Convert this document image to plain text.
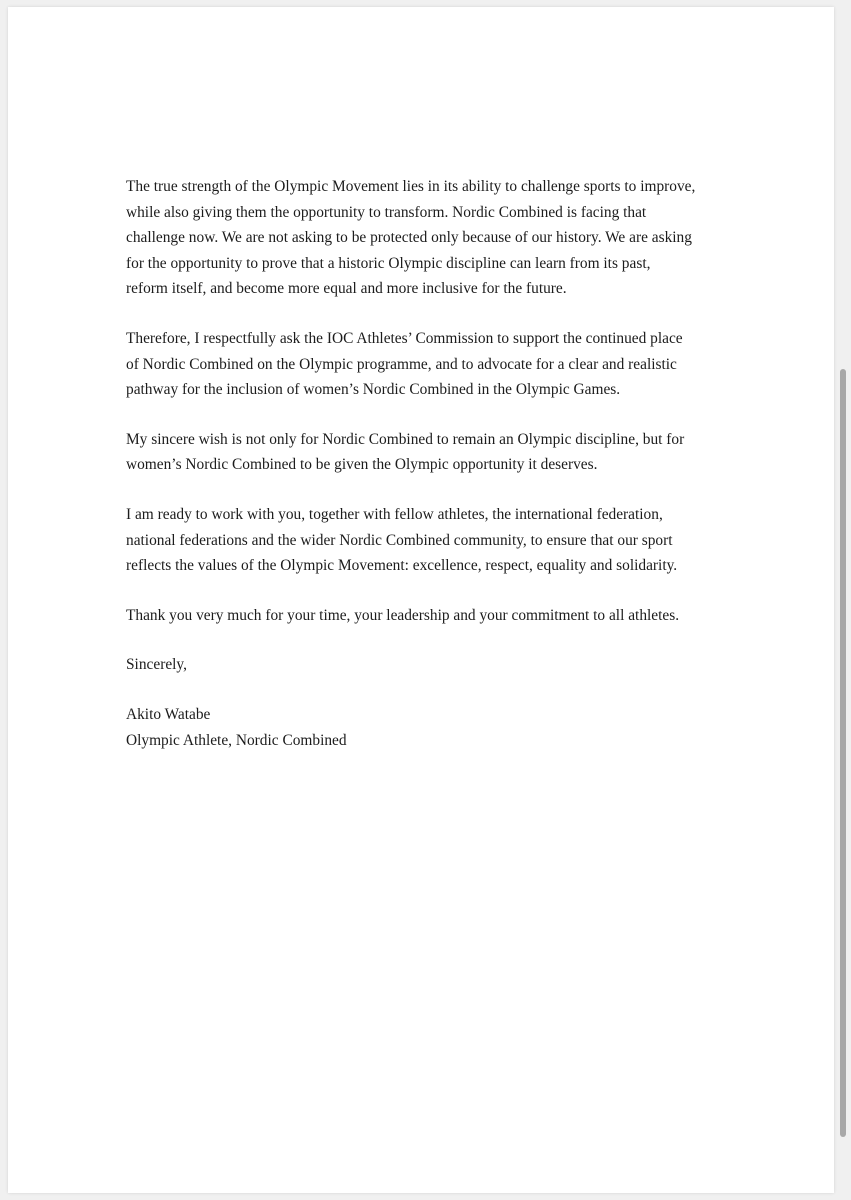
The true strength of the Olympic Movement lies in its ability to challenge sports to improve,
while also giving them the opportunity to transform. Nordic Combined is facing that
challenge now. We are not asking to be protected only because of our history. We are asking
for the opportunity to prove that a historic Olympic discipline can learn from its past,
reform itself, and become more equal and more inclusive for the future.

Therefore, I respectfully ask the IOC Athletes’ Commission to support the continued place
of Nordic Combined on the Olympic programme, and to advocate for a clear and realistic
pathway for the inclusion of women’s Nordic Combined in the Olympic Games.

My sincere wish is not only for Nordic Combined to remain an Olympic discipline, but for
women’s Nordic Combined to be given the Olympic opportunity it deserves.

I am ready to work with you, together with fellow athletes, the international federation,
national federations and the wider Nordic Combined community, to ensure that our sport
reflects the values of the Olympic Movement: excellence, respect, equality and solidarity.

Thank you very much for your time, your leadership and your commitment to all athletes.

Sincerely,

Akito Watabe

Olympic Athlete, Nordic Combined
